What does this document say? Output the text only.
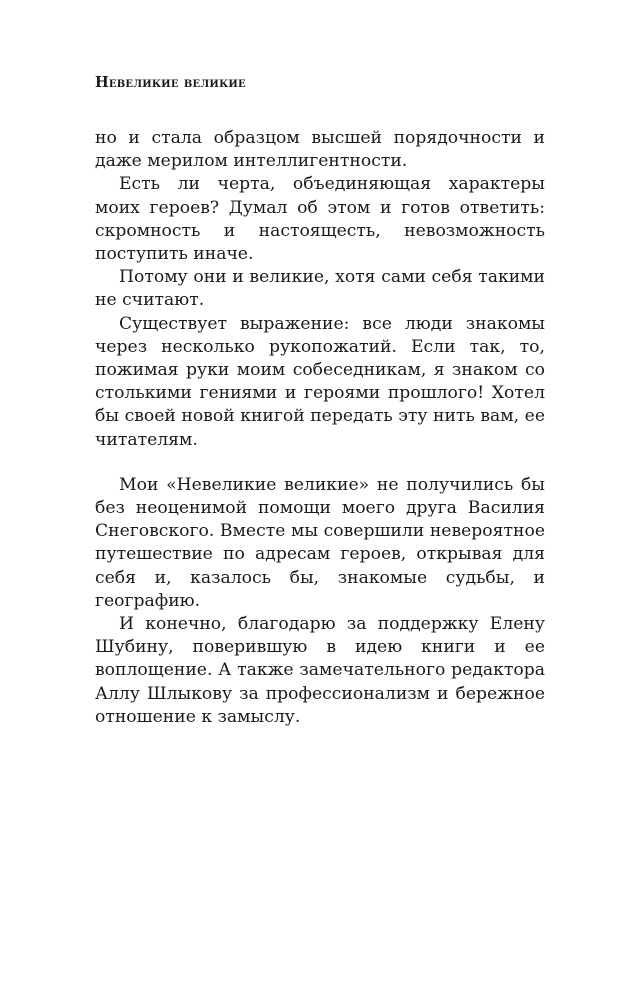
Невеликие великие

но и стала образцом высшей порядочности и даже мерилом интеллигентности.

Есть ли черта, объединяющая характеры моих героев? Думал об этом и готов ответить: скромность и настоящесть, невозможность поступить иначе.

Потому они и великие, хотя сами себя такими не считают.

Существует выражение: все люди знакомы через несколько рукопожатий. Если так, то, пожимая руки моим собеседникам, я знаком со столькими гениями и героями прошлого! Хотел бы своей новой книгой передать эту нить вам, ее читателям.

Мои «Невеликие великие» не получились бы без неоценимой помощи моего друга Василия Снеговского. Вместе мы совершили невероятное путешествие по адресам героев, открывая для себя и, казалось бы, знакомые судьбы, и географию.

И конечно, благодарю за поддержку Елену Шубину, поверившую в идею книги и ее воплощение. А также замечательного редактора Аллу Шлыкову за профессионализм и бережное отношение к замыслу.
